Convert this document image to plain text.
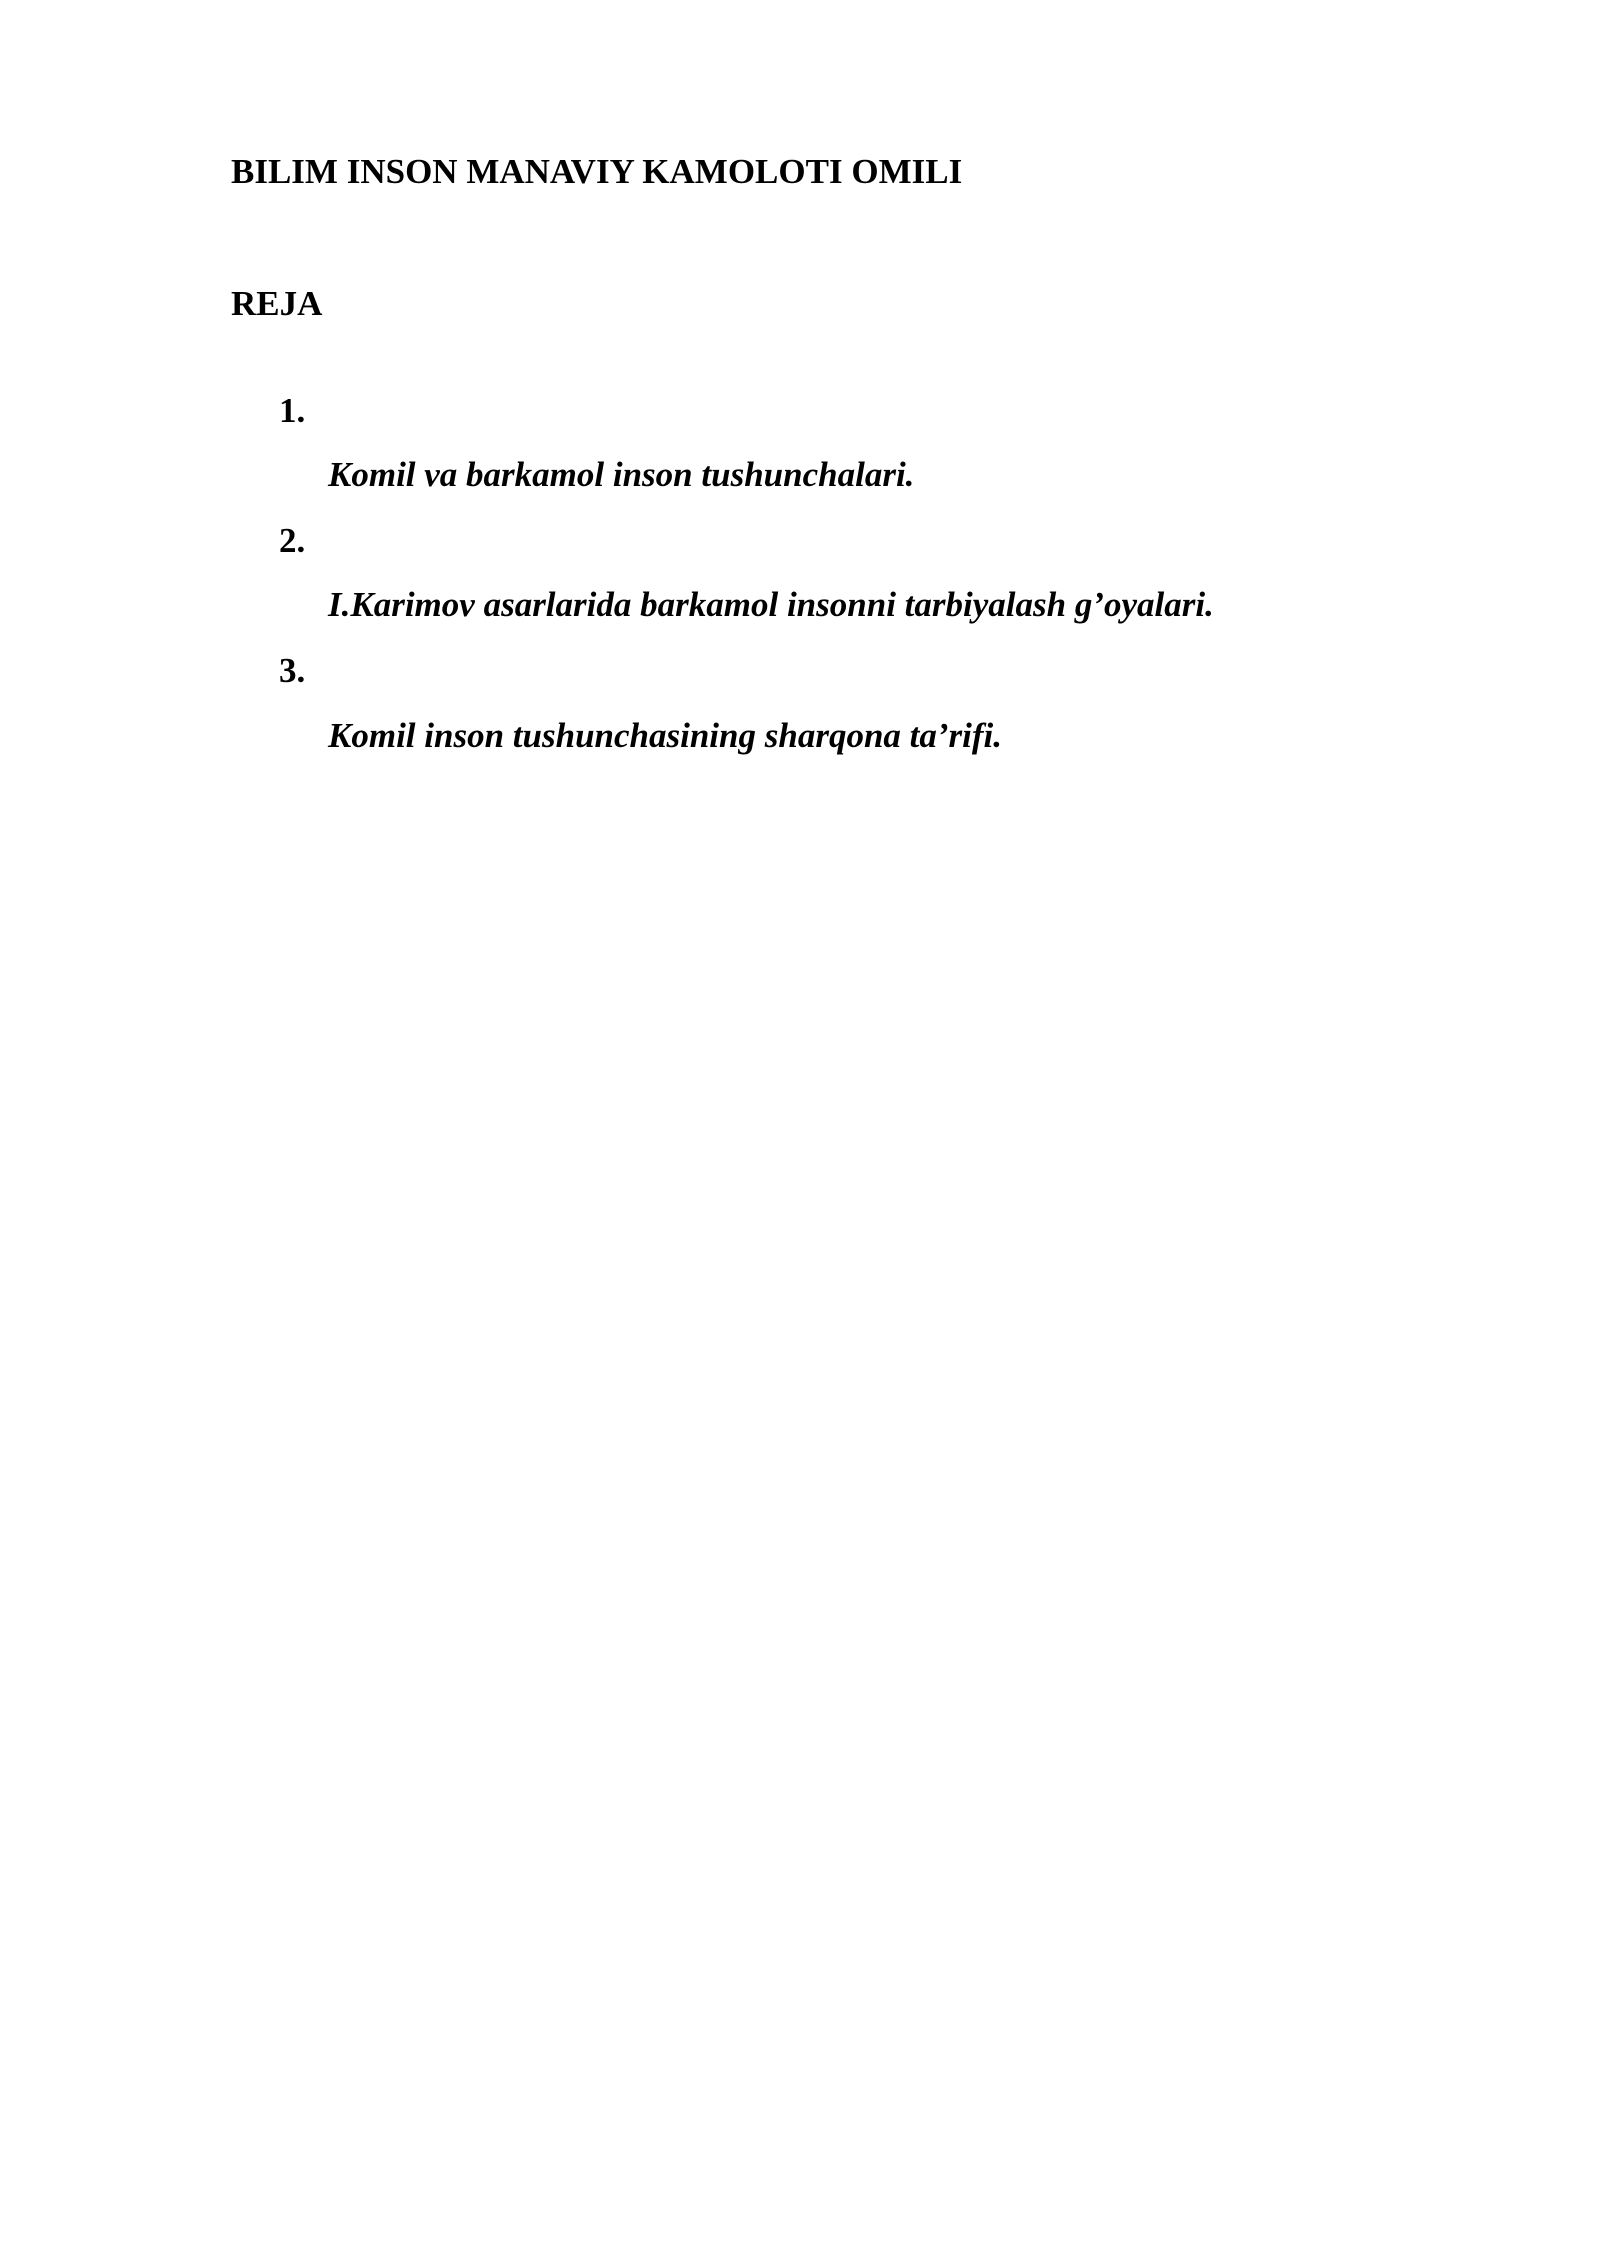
BILIM INSON MANAVIY KAMOLOTI OMILI
REJA
1.
Komil va barkamol inson tushunchalari.
2.
I.Karimov asarlarida barkamol insonni tarbiyalash g’oyalari.
3.
Komil inson tushunchasining sharqona ta’rifi.
